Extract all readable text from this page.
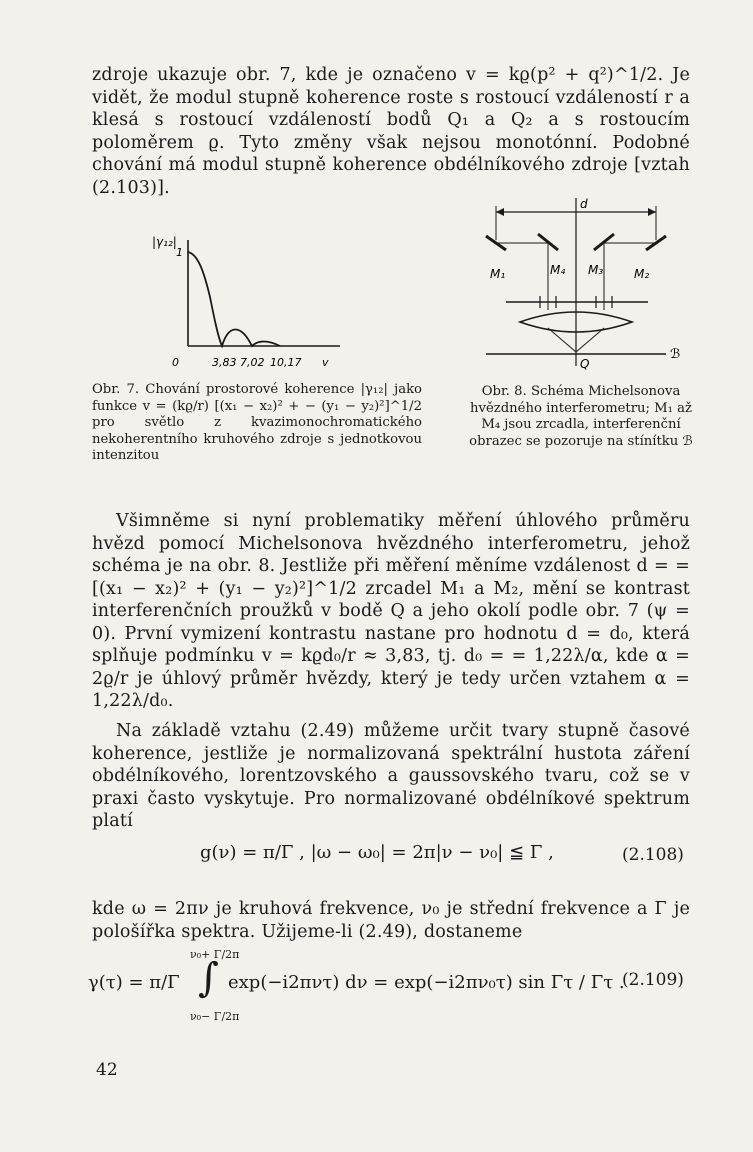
zdroje ukazuje obr. 7, kde je označeno v = kϱ(p² + q²)^1/2. Je vidět, že modul stupně koherence roste s rostoucí vzdáleností r a klesá s rostoucí vzdáleností bodů Q₁ a Q₂ a s rostoucím poloměrem ϱ. Tyto změny však nejsou monotónní. Podobné chování má modul stupně koherence obdélníkového zdroje [vztah (2.103)].
|γ₁₂|
1
0	3,83 7,02 10,17 v
d
M₁	M₄ M₃	M₂
Q
ℬ
Obr. 7. Chování prostorové koherence |γ₁₂| jako funkce v = (kϱ/r) [(x₁ − x₂)² + − (y₁ − y₂)²]^1/2 pro světlo z kvazimonochromatického nekoherentního kruhového zdroje s jednotkovou intenzitou
Obr. 8. Schéma Michelsonova hvězdného interferometru; M₁ až M₄ jsou zrcadla, interferenční obrazec se pozoruje na stínítku ℬ
Všimněme si nyní problematiky měření úhlového průměru hvězd pomocí Michelsonova hvězdného interferometru, jehož schéma je na obr. 8. Jestliže při měření měníme vzdálenost d = = [(x₁ − x₂)² + (y₁ − y₂)²]^1/2 zrcadel M₁ a M₂, mění se kontrast interferenčních proužků v bodě Q a jeho okolí podle obr. 7 (ψ = 0). První vymizení kontrastu nastane pro hodnotu d = d₀, která splňuje podmínku v = kϱd₀/r ≈ 3,83, tj. d₀ = = 1,22λ/α, kde α = 2ϱ/r je úhlový průměr hvězdy, který je tedy určen vztahem α = 1,22λ/d₀.
Na základě vztahu (2.49) můžeme určit tvary stupně časové koherence, jestliže je normalizovaná spektrální hustota záření obdélníkového, lorentzovského a gaussovského tvaru, což se v praxi často vyskytuje. Pro normalizované obdélníkové spektrum platí
g(ν) = π/Γ , |ω − ω₀| = 2π|ν − ν₀| ≦ Γ ,	(2.108)
kde ω = 2πν je kruhová frekvence, ν₀ je střední frekvence a Γ je pološířka spektra. Užijeme-li (2.49), dostaneme
ν₀+ Γ/2π
γ(τ) = π/Γ ∫ exp(−i2πντ) dν = exp(−i2πν₀τ) sin Γτ / Γτ .
ν₀− Γ/2π
(2.109)
42
